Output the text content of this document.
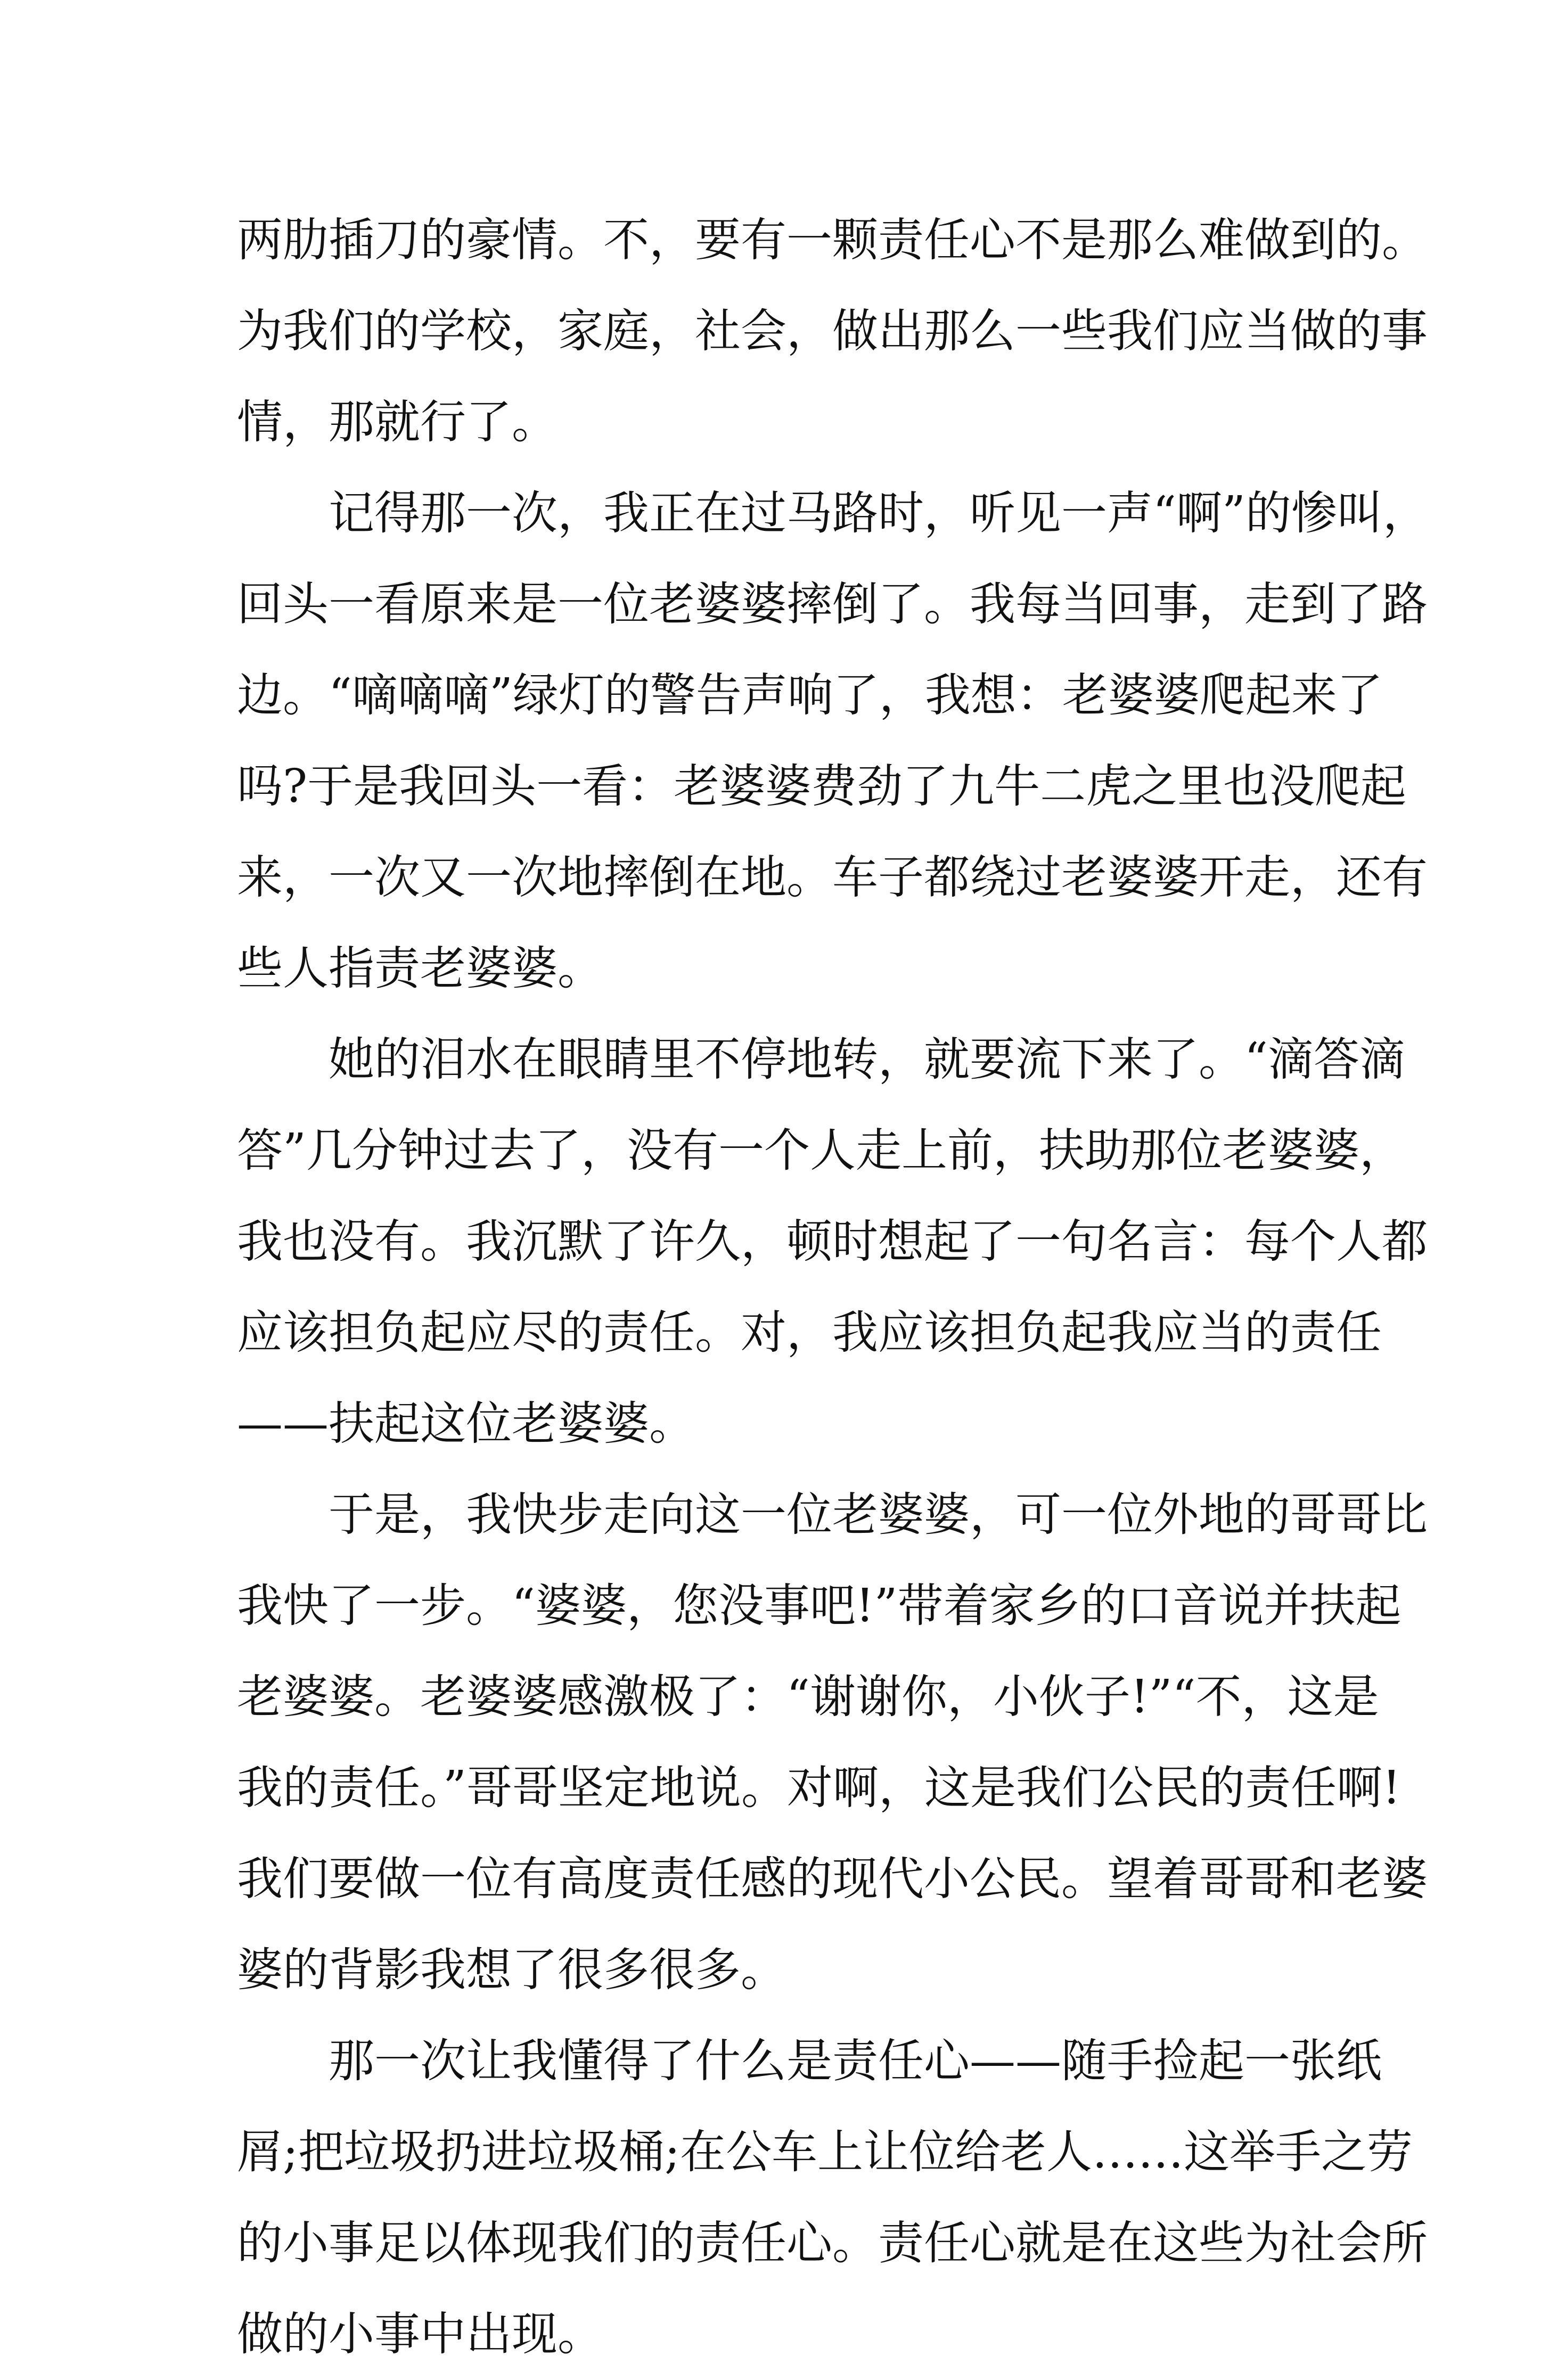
两肋插刀的豪情。不，要有一颗责任心不是那么难做到的。
为我们的学校，家庭，社会，做出那么一些我们应当做的事
情，那就行了。
记得那一次，我正在过马路时，听见一声“啊”的惨叫，
回头一看原来是一位老婆婆摔倒了。我每当回事，走到了路
边。“嘀嘀嘀”绿灯的警告声响了，我想：老婆婆爬起来了
吗?于是我回头一看：老婆婆费劲了九牛二虎之里也没爬起
来，一次又一次地摔倒在地。车子都绕过老婆婆开走，还有
些人指责老婆婆。
她的泪水在眼睛里不停地转，就要流下来了。“滴答滴
答”几分钟过去了，没有一个人走上前，扶助那位老婆婆，
我也没有。我沉默了许久，顿时想起了一句名言：每个人都
应该担负起应尽的责任。对，我应该担负起我应当的责任
——扶起这位老婆婆。
于是，我快步走向这一位老婆婆，可一位外地的哥哥比
我快了一步。“婆婆，您没事吧!”带着家乡的口音说并扶起
老婆婆。老婆婆感激极了：“谢谢你，小伙子!”“不，这是
我的责任。”哥哥坚定地说。对啊，这是我们公民的责任啊!
我们要做一位有高度责任感的现代小公民。望着哥哥和老婆
婆的背影我想了很多很多。
那一次让我懂得了什么是责任心——随手捡起一张纸
屑;把垃圾扔进垃圾桶;在公车上让位给老人……这举手之劳
的小事足以体现我们的责任心。责任心就是在这些为社会所
做的小事中出现。
